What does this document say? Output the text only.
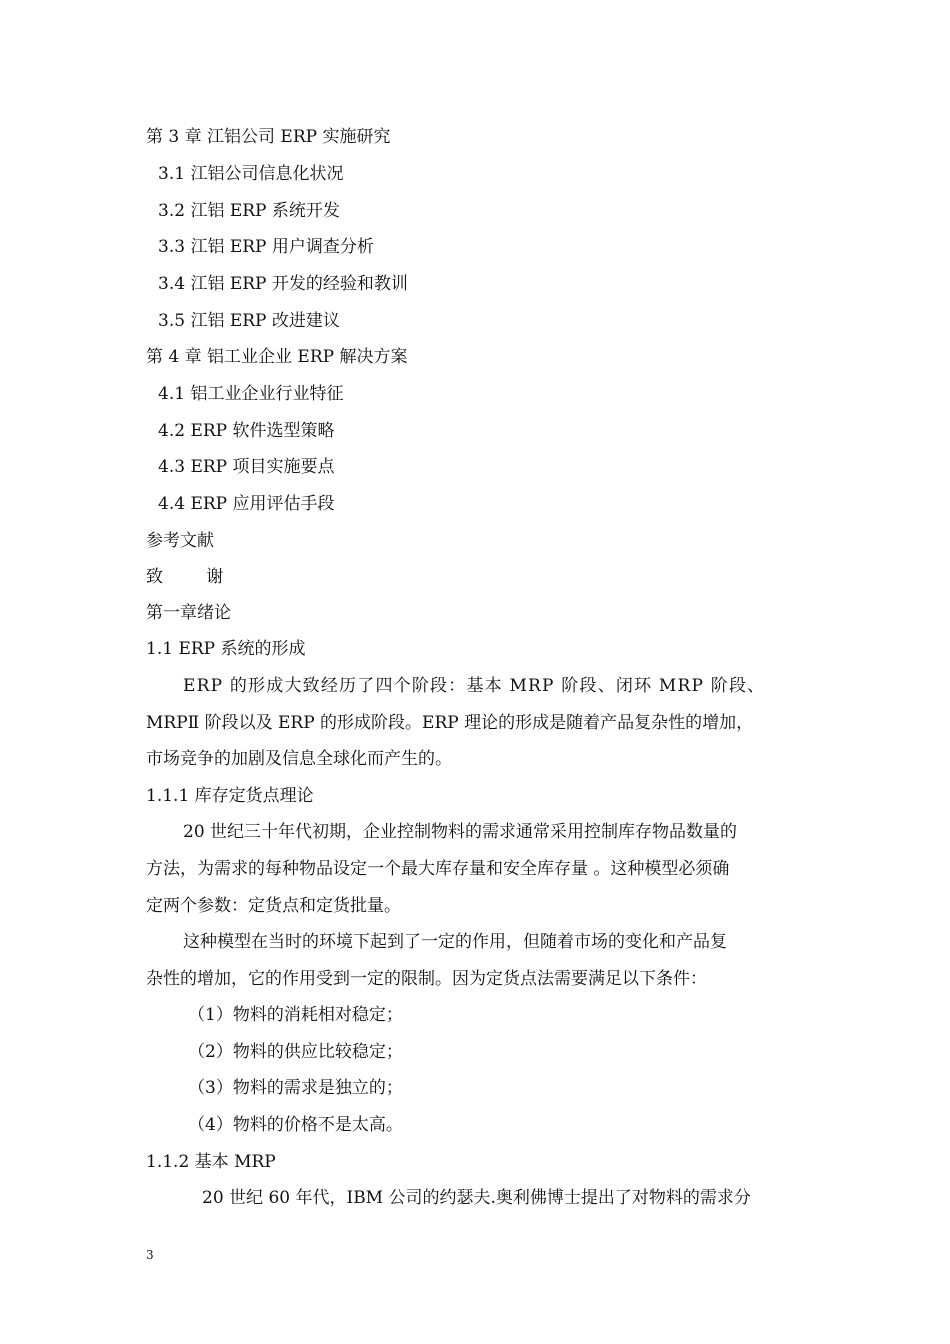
第 3 章 江铝公司 ERP 实施研究
3.1 江铝公司信息化状况
3.2 江铝 ERP 系统开发
3.3 江铝 ERP 用户调查分析
3.4 江铝 ERP 开发的经验和教训
3.5 江铝 ERP 改进建议
第 4 章 铝工业企业 ERP 解决方案
4.1 铝工业企业行业特征
4.2 ERP 软件选型策略
4.3 ERP 项目实施要点
4.4 ERP 应用评估手段
参考文献
致        谢
第一章绪论
1.1 ERP 系统的形成
ERP 的形成大致经历了四个阶段：基本 MRP 阶段、闭环 MRP 阶段、
MRPⅡ 阶段以及 ERP 的形成阶段。ERP 理论的形成是随着产品复杂性的增加，
市场竞争的加剧及信息全球化而产生的。
1.1.1 库存定货点理论
20 世纪三十年代初期，企业控制物料的需求通常采用控制库存物品数量的
方法，为需求的每种物品设定一个最大库存量和安全库存量 。这种模型必须确
定两个参数：定货点和定货批量。
这种模型在当时的环境下起到了一定的作用，但随着市场的变化和产品复
杂性的增加，它的作用受到一定的限制。因为定货点法需要满足以下条件：
（1）物料的消耗相对稳定；
（2）物料的供应比较稳定；
（3）物料的需求是独立的；
（4）物料的价格不是太高。
1.1.2 基本 MRP
20 世纪 60 年代，IBM 公司的约瑟夫.奥利佛博士提出了对物料的需求分
3
